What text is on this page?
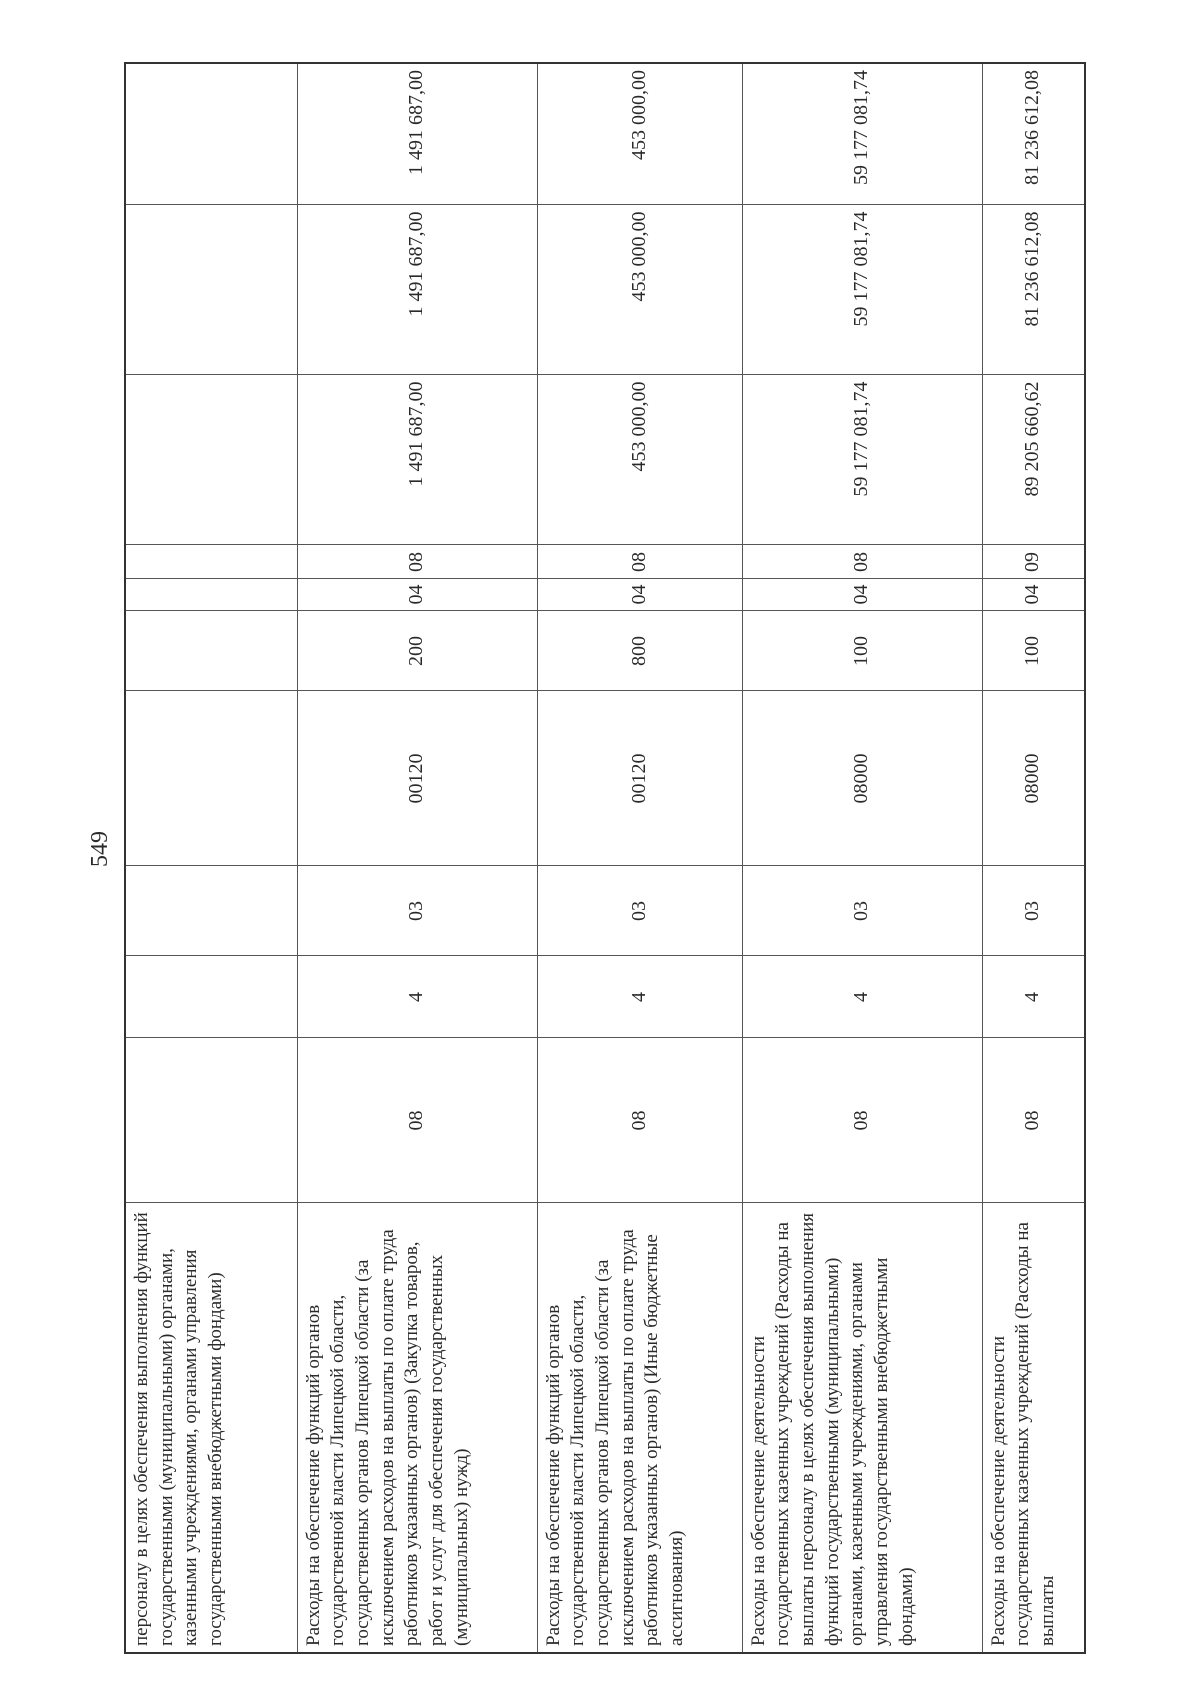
549
персоналу в целях обеспечения выполнения функций государственными (муниципальными) органами, казенными учреждениями, органами управления государственными внебюджетными фондами)										
Расходы на обеспечение функций органов государственной власти Липецкой области, государственных органов Липецкой области (за исключением расходов на выплаты по оплате труда работников указанных органов) (Закупка товаров, работ и услуг для обеспечения государственных (муниципальных) нужд)	08	4	03	00120	200	04	08	1 491 687,00	1 491 687,00	1 491 687,00
Расходы на обеспечение функций органов государственной власти Липецкой области, государственных органов Липецкой области (за исключением расходов на выплаты по оплате труда работников указанных органов) (Иные бюджетные ассигнования)	08	4	03	00120	800	04	08	453 000,00	453 000,00	453 000,00
Расходы на обеспечение деятельности государственных казенных учреждений (Расходы на выплаты персоналу в целях обеспечения выполнения функций государственными (муниципальными) органами, казенными учреждениями, органами управления государственными внебюджетными фондами)	08	4	03	08000	100	04	08	59 177 081,74	59 177 081,74	59 177 081,74
Расходы на обеспечение деятельности государственных казенных учреждений (Расходы на выплаты	08	4	03	08000	100	04	09	89 205 660,62	81 236 612,08	81 236 612,08
